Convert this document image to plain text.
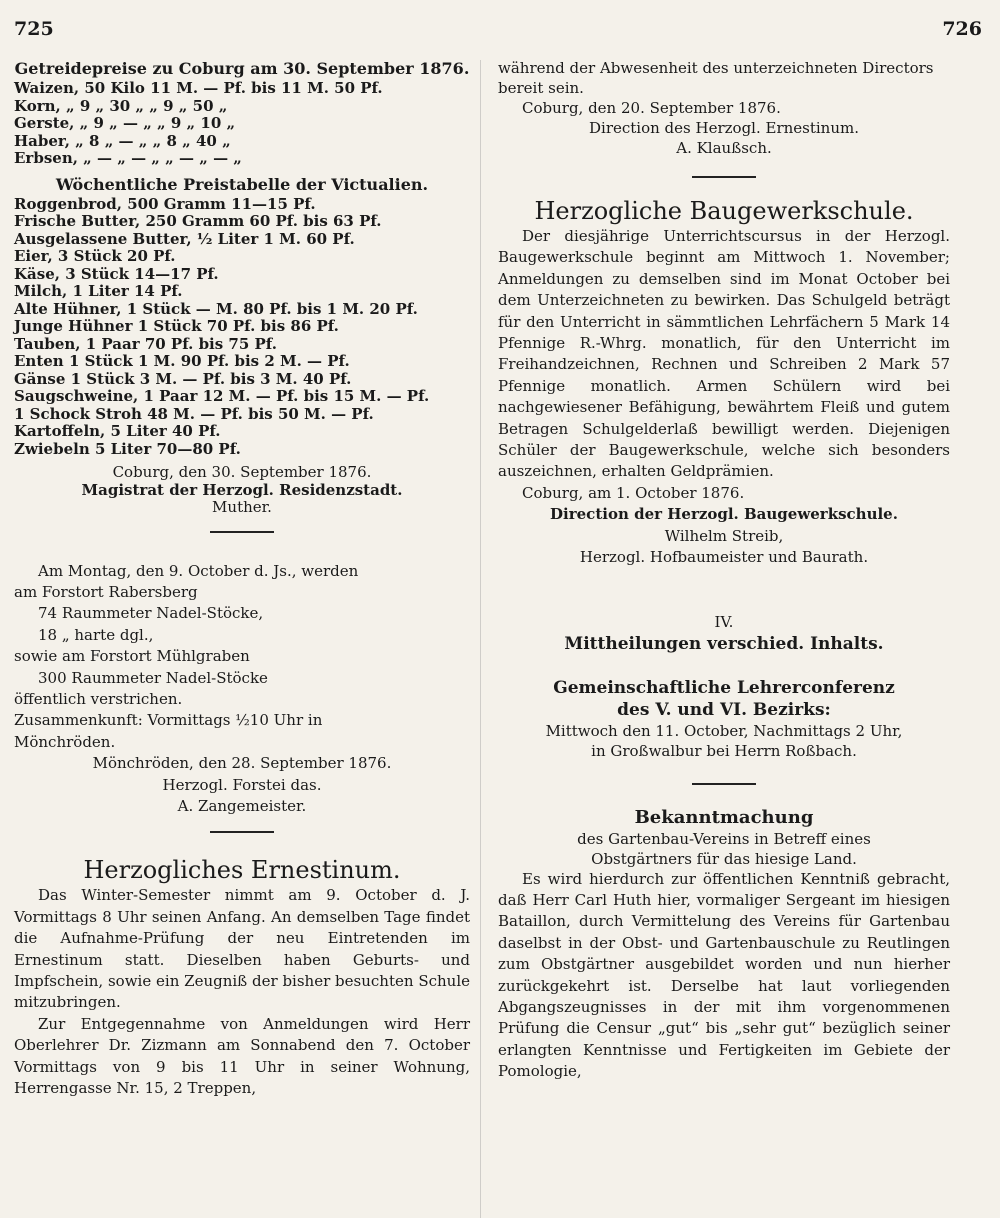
725	726

Getreidepreise zu Coburg am 30. September 1876.

Waizen, 50 Kilo 11 M. — Pf. bis 11 M. 50 Pf.

Korn, „ 9 „ 30 „ „ 9 „ 50 „

Gerste, „ 9 „ — „ „ 9 „ 10 „

Haber, „ 8 „ — „ „ 8 „ 40 „

Erbsen, „ — „ — „ „ — „ — „

Wöchentliche Preistabelle der Victualien.

Roggenbrod, 500 Gramm 11—15 Pf.

Frische Butter, 250 Gramm 60 Pf. bis 63 Pf.

Ausgelassene Butter, ½ Liter 1 M. 60 Pf.

Eier, 3 Stück 20 Pf.

Käse, 3 Stück 14—17 Pf.

Milch, 1 Liter 14 Pf.

Alte Hühner, 1 Stück — M. 80 Pf. bis 1 M. 20 Pf.

Junge Hühner 1 Stück 70 Pf. bis 86 Pf.

Tauben, 1 Paar 70 Pf. bis 75 Pf.

Enten 1 Stück 1 M. 90 Pf. bis 2 M. — Pf.

Gänse 1 Stück 3 M. — Pf. bis 3 M. 40 Pf.

Saugschweine, 1 Paar 12 M. — Pf. bis 15 M. — Pf.

1 Schock Stroh 48 M. — Pf. bis 50 M. — Pf.

Kartoffeln, 5 Liter 40 Pf.

Zwiebeln 5 Liter 70—80 Pf.

Coburg, den 30. September 1876.

Magistrat der Herzogl. Residenzstadt.

Muther.

Am Montag, den 9. October d. Js., werden

am Forstort Rabersberg

74 Raummeter Nadel-Stöcke,

18 „ harte dgl.,

sowie am Forstort Mühlgraben

300 Raummeter Nadel-Stöcke

öffentlich verstrichen.

Zusammenkunft: Vormittags ½10 Uhr in

Mönchröden.

Mönchröden, den 28. September 1876.

Herzogl. Forstei das.

A. Zangemeister.

Herzogliches Ernestinum.

Das Winter-Semester nimmt am 9. October d. J. Vormittags 8 Uhr seinen Anfang. An demselben Tage findet die Aufnahme-Prüfung der neu Eintretenden im Ernestinum statt. Dieselben haben Geburts- und Impfschein, sowie ein Zeugniß der bisher besuchten Schule mitzubringen.

Zur Entgegennahme von Anmeldungen wird Herr Oberlehrer Dr. Zizmann am Sonnabend den 7. October Vormittags von 9 bis 11 Uhr in seiner Wohnung, Herrengasse Nr. 15, 2 Treppen,

während der Abwesenheit des unterzeichneten Directors

bereit sein.

Coburg, den 20. September 1876.

Direction des Herzogl. Ernestinum.

A. Klaußsch.

Herzogliche Baugewerkschule.

Der diesjährige Unterrichtscursus in der Herzogl. Baugewerkschule beginnt am Mittwoch 1. November; Anmeldungen zu demselben sind im Monat October bei dem Unterzeichneten zu bewirken. Das Schulgeld beträgt für den Unterricht in sämmtlichen Lehrfächern 5 Mark 14 Pfennige R.-Whrg. monatlich, für den Unterricht im Freihandzeichnen, Rechnen und Schreiben 2 Mark 57 Pfennige monatlich. Armen Schülern wird bei nachgewiesener Befähigung, bewährtem Fleiß und gutem Betragen Schulgelderlaß bewilligt werden. Diejenigen Schüler der Baugewerkschule, welche sich besonders auszeichnen, erhalten Geldprämien.

Coburg, am 1. October 1876.

Direction der Herzogl. Baugewerkschule.

Wilhelm Streib,

Herzogl. Hofbaumeister und Baurath.

IV.

Mittheilungen verschied. Inhalts.

Gemeinschaftliche Lehrerconferenz

des V. und VI. Bezirks:

Mittwoch den 11. October, Nachmittags 2 Uhr,

in Großwalbur bei Herrn Roßbach.

Bekanntmachung

des Gartenbau-Vereins in Betreff eines

Obstgärtners für das hiesige Land.

Es wird hierdurch zur öffentlichen Kenntniß gebracht, daß Herr Carl Huth hier, vormaliger Sergeant im hiesigen Bataillon, durch Vermittelung des Vereins für Gartenbau daselbst in der Obst- und Gartenbauschule zu Reutlingen zum Obstgärtner ausgebildet worden und nun hierher zurückgekehrt ist. Derselbe hat laut vorliegenden Abgangszeugnisses in der mit ihm vorgenommenen Prüfung die Censur „gut“ bis „sehr gut“ bezüglich seiner erlangten Kenntnisse und Fertigkeiten im Gebiete der Pomologie,
